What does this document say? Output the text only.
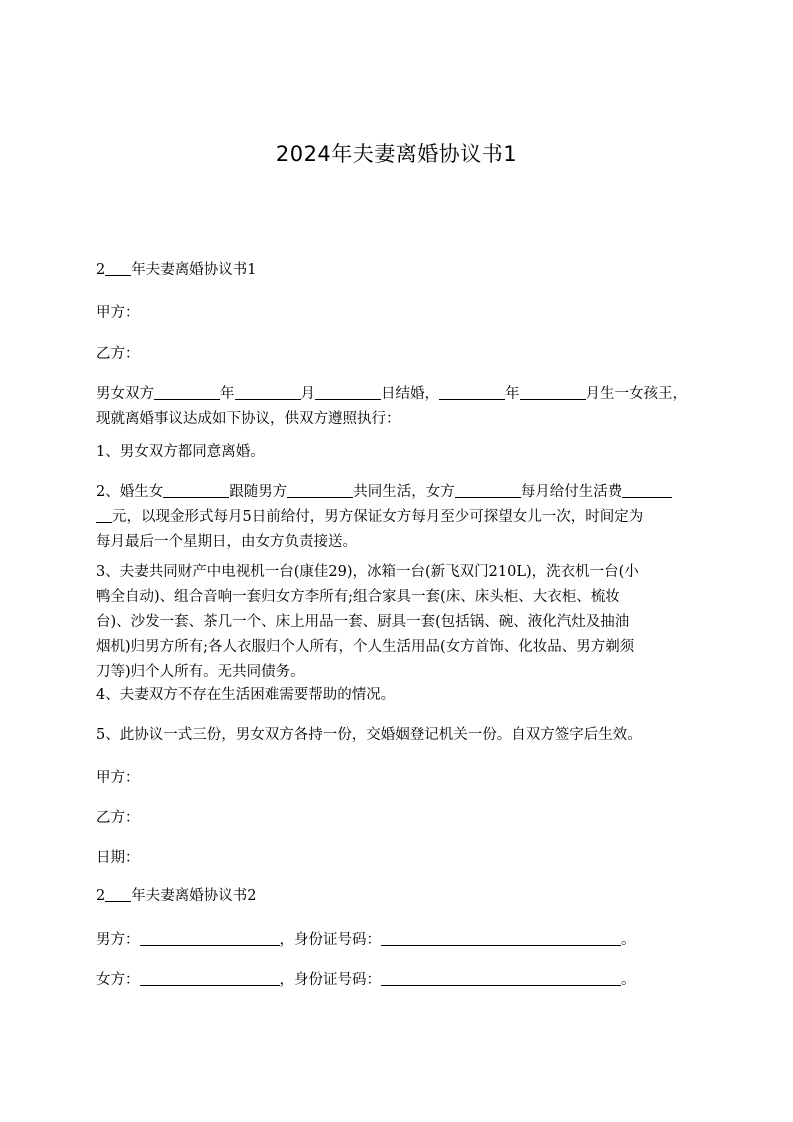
2024年夫妻离婚协议书1

2 年夫妻离婚协议书1

甲方：

乙方：

男女双方	年	月	日结婚，	年	月生一女孩王，
现就离婚事议达成如下协议，供双方遵照执行：

1、男女双方都同意离婚。

2、婚生女	跟随男方	共同生活，女方	每月给付生活费
元，以现金形式每月5日前给付，男方保证女方每月至少可探望女儿一次，时间定为
每月最后一个星期日，由女方负责接送。

3、夫妻共同财产中电视机一台(康佳29)，冰箱一台(新飞双门210L)，洗衣机一台(小
鸭全自动)、组合音响一套归女方李所有;组合家具一套(床、床头柜、大衣柜、梳妆
台)、沙发一套、茶几一个、床上用品一套、厨具一套(包括锅、碗、液化汽灶及抽油
烟机)归男方所有;各人衣服归个人所有，个人生活用品(女方首饰、化妆品、男方剃须
刀等)归个人所有。无共同债务。

4、夫妻双方不存在生活困难需要帮助的情况。

5、此协议一式三份，男女双方各持一份，交婚姻登记机关一份。自双方签字后生效。

甲方：

乙方：

日期：

2 年夫妻离婚协议书2

男方：	，身份证号码：	。

女方：	，身份证号码：	。
